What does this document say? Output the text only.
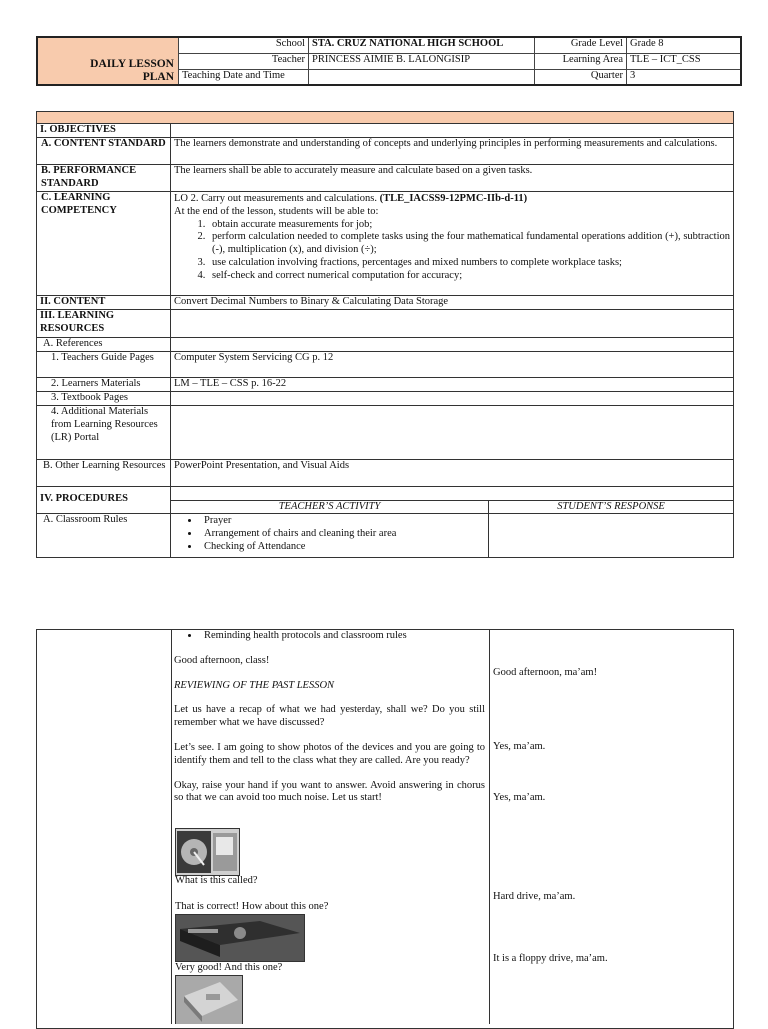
DAILY LESSON
PLAN
School STA. CRUZ NATIONAL HIGH SCHOOL	Grade Level Grade 8
Teacher PRINCESS AIMIE B. LALONGISIP	Learning Area TLE – ICT_CSS
Teaching Date and Time	Quarter 3
I. OBJECTIVES
A. CONTENT STANDARD The learners demonstrate and understanding of concepts and underlying principles in performing measurements and calculations.
B. PERFORMANCE STANDARD
The learners shall be able to accurately measure and calculate based on a given tasks.
C. LEARNING COMPETENCY
LO 2. Carry out measurements and calculations. (TLE_IACSS9-12PMC-IIb-d-11)
At the end of the lesson, students will be able to:
1. obtain accurate measurements for job;
2. perform calculation needed to complete tasks using the four mathematical fundamental operations addition (+), subtraction (-), multiplication (x), and division (÷);
3. use calculation involving fractions, percentages and mixed numbers to complete workplace tasks;
4. self-check and correct numerical computation for accuracy;
II. CONTENT	Convert Decimal Numbers to Binary & Calculating Data Storage
III. LEARNING RESOURCES
A. References
1. Teachers Guide Pages	Computer System Servicing CG p. 12
2. Learners Materials	LM – TLE – CSS p. 16-22
3. Textbook Pages
4. Additional Materials from Learning Resources (LR) Portal
B. Other Learning Resources PowerPoint Presentation, and Visual Aids
IV. PROCEDURES
TEACHER’S ACTIVITY	STUDENT’S RESPONSE
A. Classroom Rules
•	Prayer
• Arrangement of chairs and cleaning their area
• Checking of Attendance
• Reminding health protocols and classroom rules

Good afternoon, class!

REVIEWING OF THE PAST LESSON

Let us have a recap of what we had yesterday, shall we? Do you still remember what we have discussed?

Let’s see. I am going to show photos of the devices and you are going to identify them and tell to the class what they are called. Are you ready?

Okay, raise your hand if you want to answer. Avoid answering in chorus so that we can avoid too much noise. Let us start!

What is this called?
That is correct! How about this one?
Very good! And this one?
Good afternoon, ma’am!
Yes, ma’am.
Yes, ma’am.
Hard drive, ma’am.
It is a floppy drive, ma’am.
